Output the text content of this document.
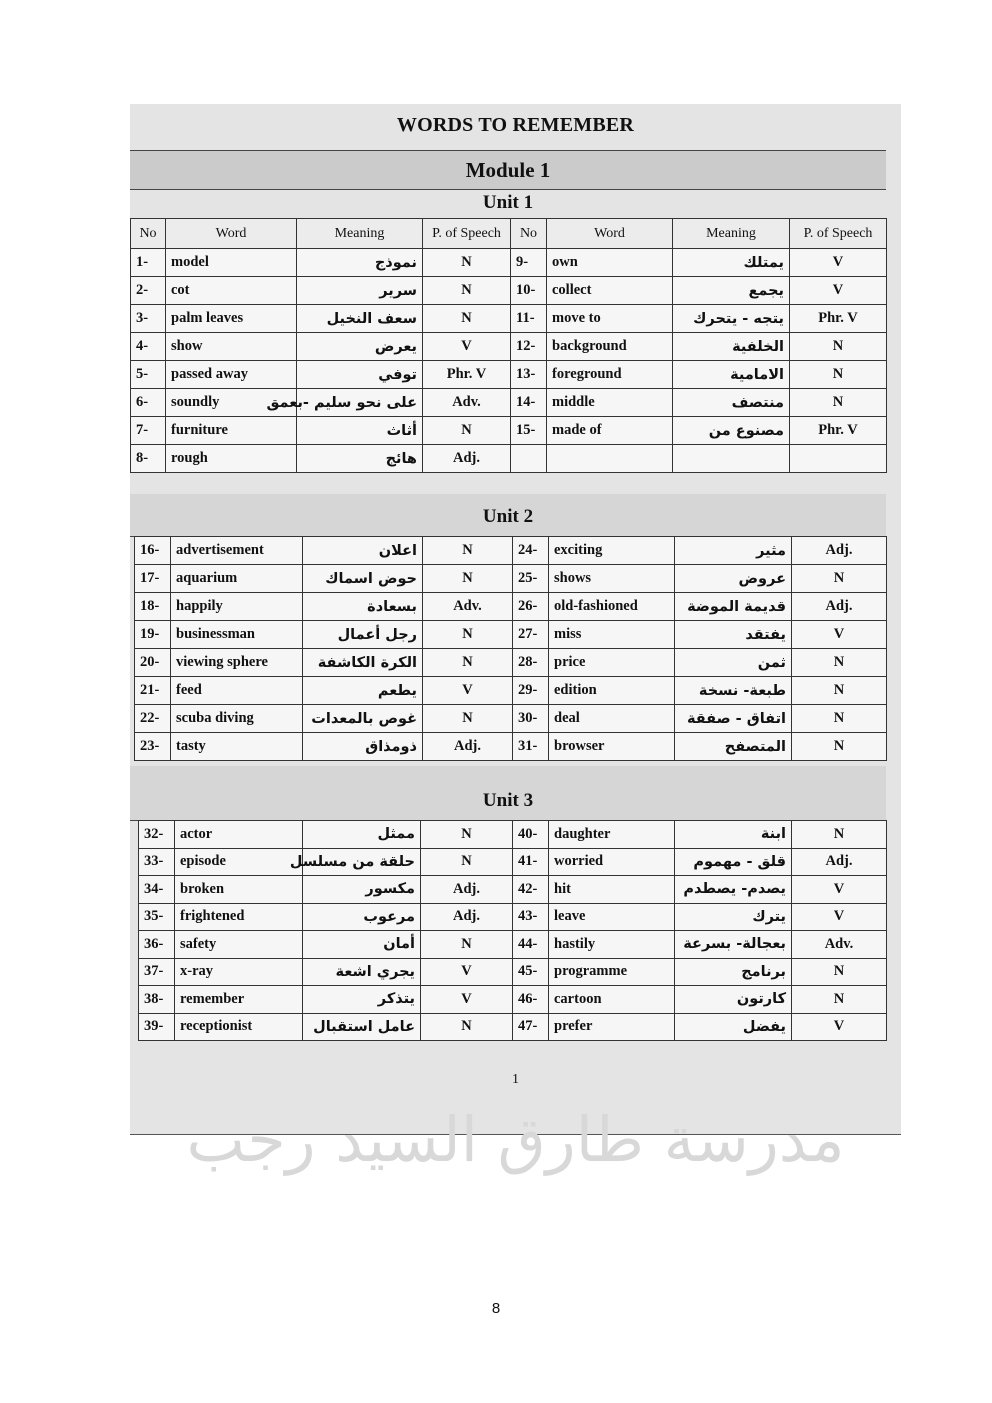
WORDS TO REMEMBER
Module 1
Unit 1
No	Word	Meaning	P. of Speech	No	Word	Meaning	P. of Speech
1-	model	نموذج	N	9-	own	يمتلك	V
2-	cot	سرير	N	10-	collect	يجمع	V
3-	palm leaves	سعف النخيل	N	11-	move to	يتجه - يتحرك	Phr. V
4-	show	يعرض	V	12-	background	الخلفية	N
5-	passed away	توفي	Phr. V	13-	foreground	الامامية	N
6-	soundly	على نحو سليم -بعمق	Adv.	14-	middle	منتصف	N
7-	furniture	أثاث	N	15-	made of	مصنوع من	Phr. V
8-	rough	هائج	Adj.				
Unit 2
16-	advertisement	اعلان	N	24-	exciting	مثير	Adj.
17-	aquarium	حوض اسماك	N	25-	shows	عروض	N
18-	happily	بسعادة	Adv.	26-	old-fashioned	قديمة الموضة	Adj.
19-	businessman	رجل أعمال	N	27-	miss	يفتقد	V
20-	viewing sphere	الكرة الكاشفة	N	28-	price	ثمن	N
21-	feed	يطعم	V	29-	edition	طبعة- نسخة	N
22-	scuba diving	غوص بالمعدات	N	30-	deal	اتفاق - صفقة	N
23-	tasty	ذومذاق	Adj.	31-	browser	المتصفح	N
Unit 3
32-	actor	ممثل	N	40-	daughter	ابنة	N
33-	episode	حلقة من مسلسل	N	41-	worried	قلق - مهموم	Adj.
34-	broken	مكسور	Adj.	42-	hit	يصدم- يصطدم	V
35-	frightened	مرعوب	Adj.	43-	leave	يترك	V
36-	safety	أمان	N	44-	hastily	بعجالة- بسرعة	Adv.
37-	x-ray	يجري اشعة	V	45-	programme	برنامج	N
38-	remember	يتذكر	V	46-	cartoon	كارتون	N
39-	receptionist	عامل استقبال	N	47-	prefer	يفضل	V
1
مدرسة طارق السيد رجب
8
